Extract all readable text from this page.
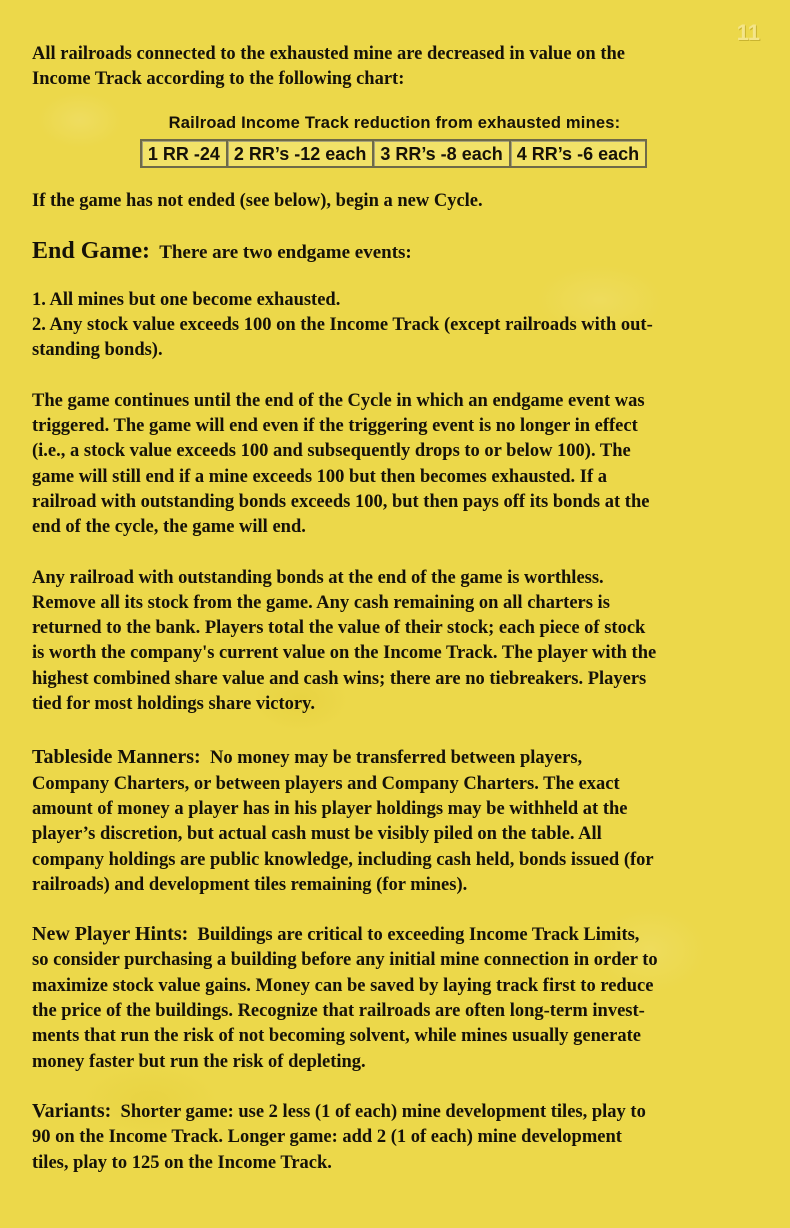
11

All railroads connected to the exhausted mine are decreased in value on the

Income Track according to the following chart:

Railroad Income Track reduction from exhausted mines:
1 RR -24 2 RR’s -12 each 3 RR’s -8 each 4 RR’s -6 each

If the game has not ended (see below), begin a new Cycle.

End Game: There are two endgame events:

1. All mines but one become exhausted.

2. Any stock value exceeds 100 on the Income Track (except railroads with out-

standing bonds).

The game continues until the end of the Cycle in which an endgame event was

triggered. The game will end even if the triggering event is no longer in effect

(i.e., a stock value exceeds 100 and subsequently drops to or below 100). The

game will still end if a mine exceeds 100 but then becomes exhausted. If a

railroad with outstanding bonds exceeds 100, but then pays off its bonds at the

end of the cycle, the game will end.

Any railroad with outstanding bonds at the end of the game is worthless.

Remove all its stock from the game. Any cash remaining on all charters is

returned to the bank. Players total the value of their stock; each piece of stock

is worth the company's current value on the Income Track. The player with the

highest combined share value and cash wins; there are no tiebreakers. Players

tied for most holdings share victory.

Tableside Manners: No money may be transferred between players,

Company Charters, or between players and Company Charters. The exact

amount of money a player has in his player holdings may be withheld at the

player’s discretion, but actual cash must be visibly piled on the table. All

company holdings are public knowledge, including cash held, bonds issued (for

railroads) and development tiles remaining (for mines).

New Player Hints: Buildings are critical to exceeding Income Track Limits,

so consider purchasing a building before any initial mine connection in order to

maximize stock value gains. Money can be saved by laying track first to reduce

the price of the buildings. Recognize that railroads are often long-term invest-

ments that run the risk of not becoming solvent, while mines usually generate

money faster but run the risk of depleting.

Variants: Shorter game: use 2 less (1 of each) mine development tiles, play to

90 on the Income Track. Longer game: add 2 (1 of each) mine development

tiles, play to 125 on the Income Track.
